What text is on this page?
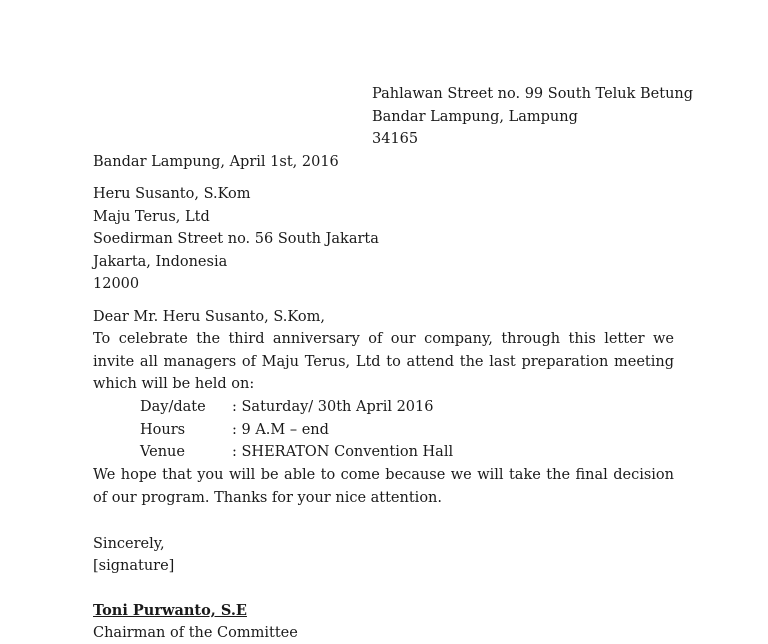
Pahlawan Street no. 99 South Teluk Betung
Bandar Lampung, Lampung
34165
Bandar Lampung, April 1st, 2016
Heru Susanto, S.Kom
Maju Terus, Ltd
Soedirman Street no. 56 South Jakarta
Jakarta, Indonesia
12000
Dear Mr. Heru Susanto, S.Kom,
To celebrate the third anniversary of our company, through this letter we invite all managers of Maju Terus, Ltd to attend the last preparation meeting which will be held on:
Day/date : Saturday/ 30th April 2016
Hours	: 9 A.M – end
Venue	: SHERATON Convention Hall
We hope that you will be able to come because we will take the final decision of our program. Thanks for your nice attention.
Sincerely,
[signature]
Toni Purwanto, S.E
Chairman of the Committee
